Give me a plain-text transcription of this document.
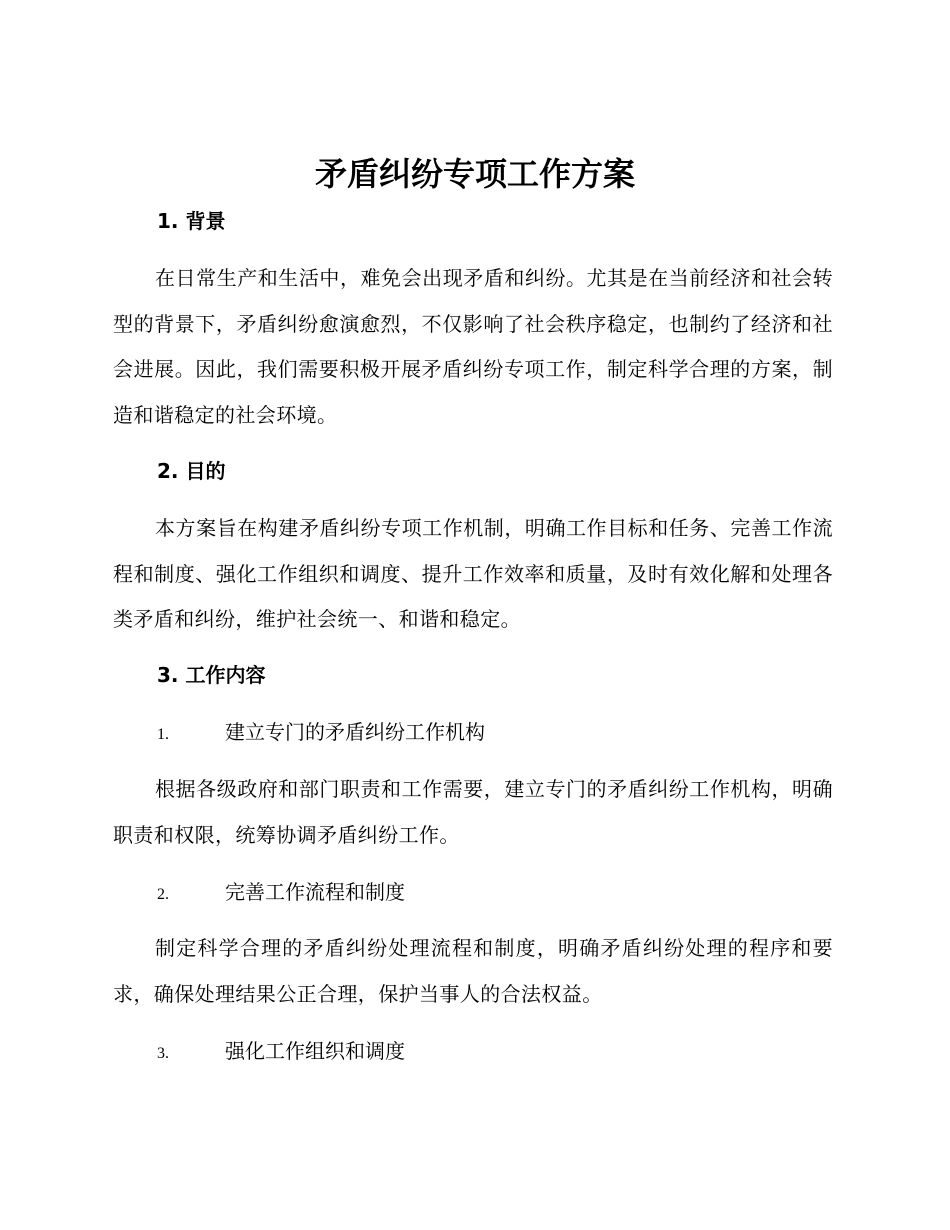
矛盾纠纷专项工作方案
1. 背景

在日常生产和生活中，难免会出现矛盾和纠纷。尤其是在当前经济和社会转型的背景下，矛盾纠纷愈演愈烈，不仅影响了社会秩序稳定，也制约了经济和社会进展。因此，我们需要积极开展矛盾纠纷专项工作，制定科学合理的方案，制造和谐稳定的社会环境。

2. 目的

本方案旨在构建矛盾纠纷专项工作机制，明确工作目标和任务、完善工作流程和制度、强化工作组织和调度、提升工作效率和质量，及时有效化解和处理各类矛盾和纠纷，维护社会统一、和谐和稳定。

3. 工作内容
1.	建立专门的矛盾纠纷工作机构

根据各级政府和部门职责和工作需要，建立专门的矛盾纠纷工作机构，明确职责和权限，统筹协调矛盾纠纷工作。

2.	完善工作流程和制度

制定科学合理的矛盾纠纷处理流程和制度，明确矛盾纠纷处理的程序和要求，确保处理结果公正合理，保护当事人的合法权益。

3.	强化工作组织和调度
